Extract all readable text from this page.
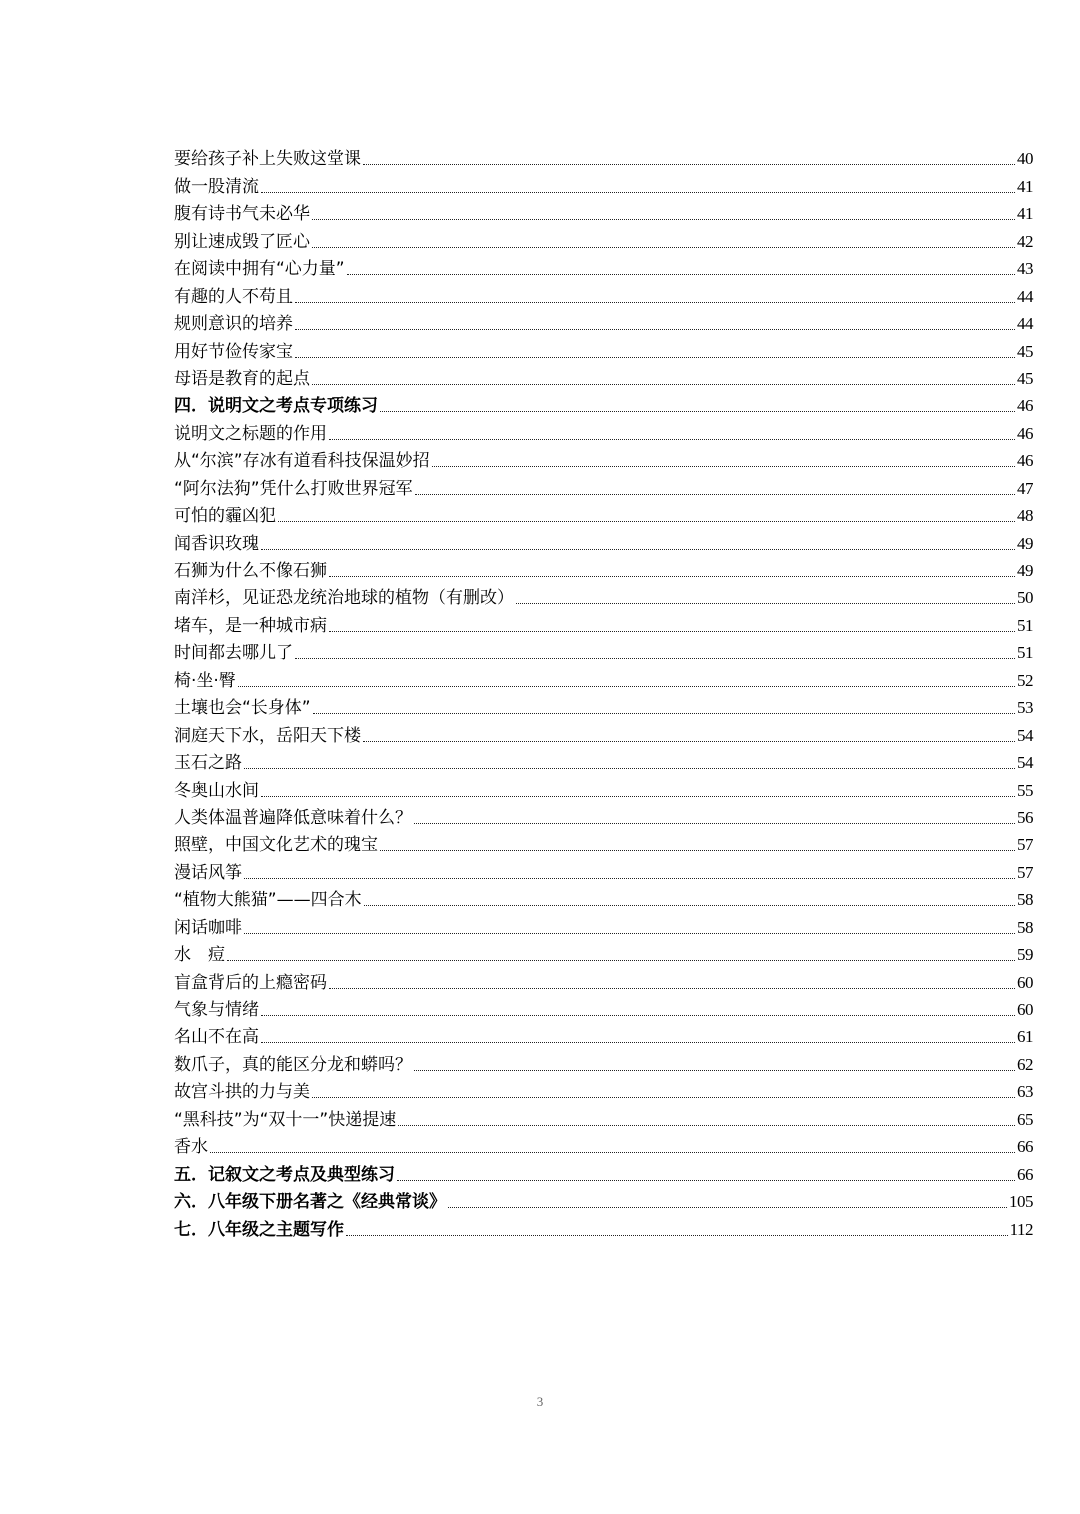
要给孩子补上失败这堂课	40
做一股清流	41
腹有诗书气未必华	41
别让速成毁了匠心	42
在阅读中拥有“心力量”	43
有趣的人不苟且	44
规则意识的培养	44
用好节俭传家宝	45
母语是教育的起点	45
四．说明文之考点专项练习	46
说明文之标题的作用	46
从“尔滨”存冰有道看科技保温妙招	46
“阿尔法狗”凭什么打败世界冠军	47
可怕的霾凶犯	48
闻香识玫瑰	49
石狮为什么不像石狮	49
南洋杉，见证恐龙统治地球的植物（有删改）	50
堵车，是一种城市病	51
时间都去哪儿了	51
椅·坐·臀	52
土壤也会“长身体”	53
洞庭天下水，岳阳天下楼	54
玉石之路	54
冬奥山水间	55
人类体温普遍降低意味着什么？	56
照壁，中国文化艺术的瑰宝	57
漫话风筝	57
“植物大熊猫”——四合木	58
闲话咖啡	58
水　痘	59
盲盒背后的上瘾密码	60
气象与情绪	60
名山不在高	61
数爪子，真的能区分龙和蟒吗？	62
故宫斗拱的力与美	63
“黑科技”为“双十一”快递提速	65
香水	66
五．记叙文之考点及典型练习	66
六．八年级下册名著之《经典常谈》	105
七．八年级之主题写作	112
3
